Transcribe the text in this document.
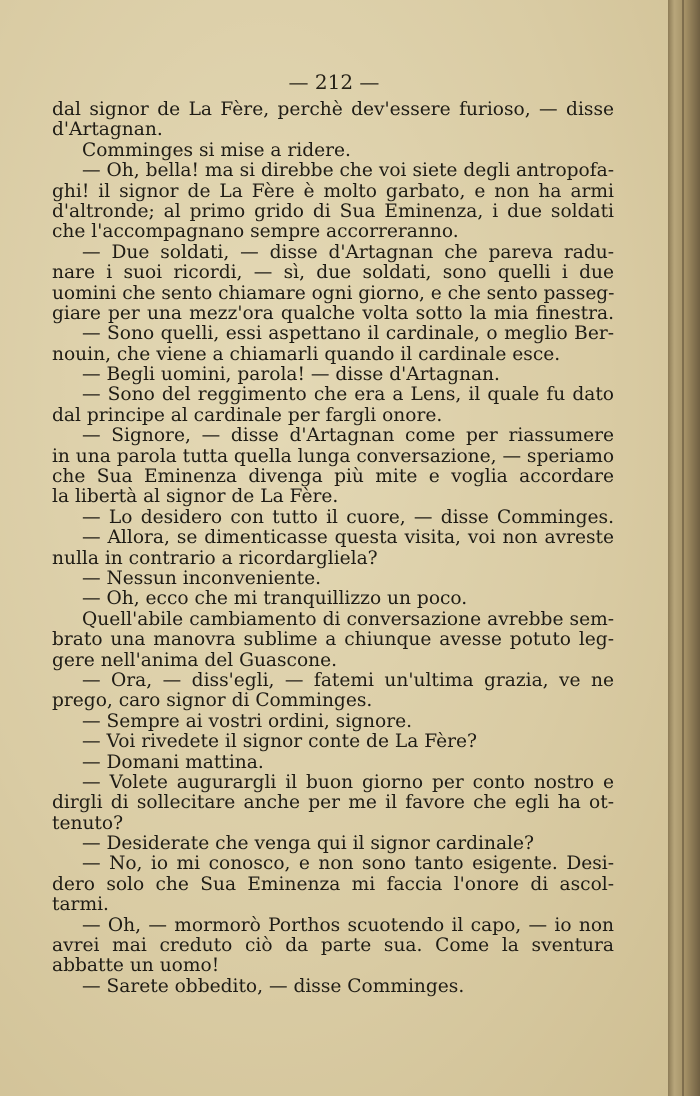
— 212 —
dal signor de La Fère, perchè dev'essere furioso, — disse
d'Artagnan.
Comminges si mise a ridere.
— Oh, bella! ma si direbbe che voi siete degli antropofa-
ghi! il signor de La Fère è molto garbato, e non ha armi
d'altronde; al primo grido di Sua Eminenza, i due soldati
che l'accompagnano sempre accorreranno.
— Due soldati, — disse d'Artagnan che pareva radu-
nare i suoi ricordi, — sì, due soldati, sono quelli i due
uomini che sento chiamare ogni giorno, e che sento passeg-
giare per una mezz'ora qualche volta sotto la mia finestra.
— Sono quelli, essi aspettano il cardinale, o meglio Ber-
nouin, che viene a chiamarli quando il cardinale esce.
— Begli uomini, parola! — disse d'Artagnan.
— Sono del reggimento che era a Lens, il quale fu dato
dal principe al cardinale per fargli onore.
— Signore, — disse d'Artagnan come per riassumere
in una parola tutta quella lunga conversazione, — speriamo
che Sua Eminenza divenga più mite e voglia accordare
la libertà al signor de La Fère.
— Lo desidero con tutto il cuore, — disse Comminges.
— Allora, se dimenticasse questa visita, voi non avreste
nulla in contrario a ricordargliela?
— Nessun inconveniente.
— Oh, ecco che mi tranquillizzo un poco.
Quell'abile cambiamento di conversazione avrebbe sem-
brato una manovra sublime a chiunque avesse potuto leg-
gere nell'anima del Guascone.
— Ora, — diss'egli, — fatemi un'ultima grazia, ve ne
prego, caro signor di Comminges.
— Sempre ai vostri ordini, signore.
— Voi rivedete il signor conte de La Fère?
— Domani mattina.
— Volete augurargli il buon giorno per conto nostro e
dirgli di sollecitare anche per me il favore che egli ha ot-
tenuto?
— Desiderate che venga qui il signor cardinale?
— No, io mi conosco, e non sono tanto esigente. Desi-
dero solo che Sua Eminenza mi faccia l'onore di ascol-
tarmi.
— Oh, — mormorò Porthos scuotendo il capo, — io non
avrei mai creduto ciò da parte sua. Come la sventura
abbatte un uomo!
— Sarete obbedito, — disse Comminges.
